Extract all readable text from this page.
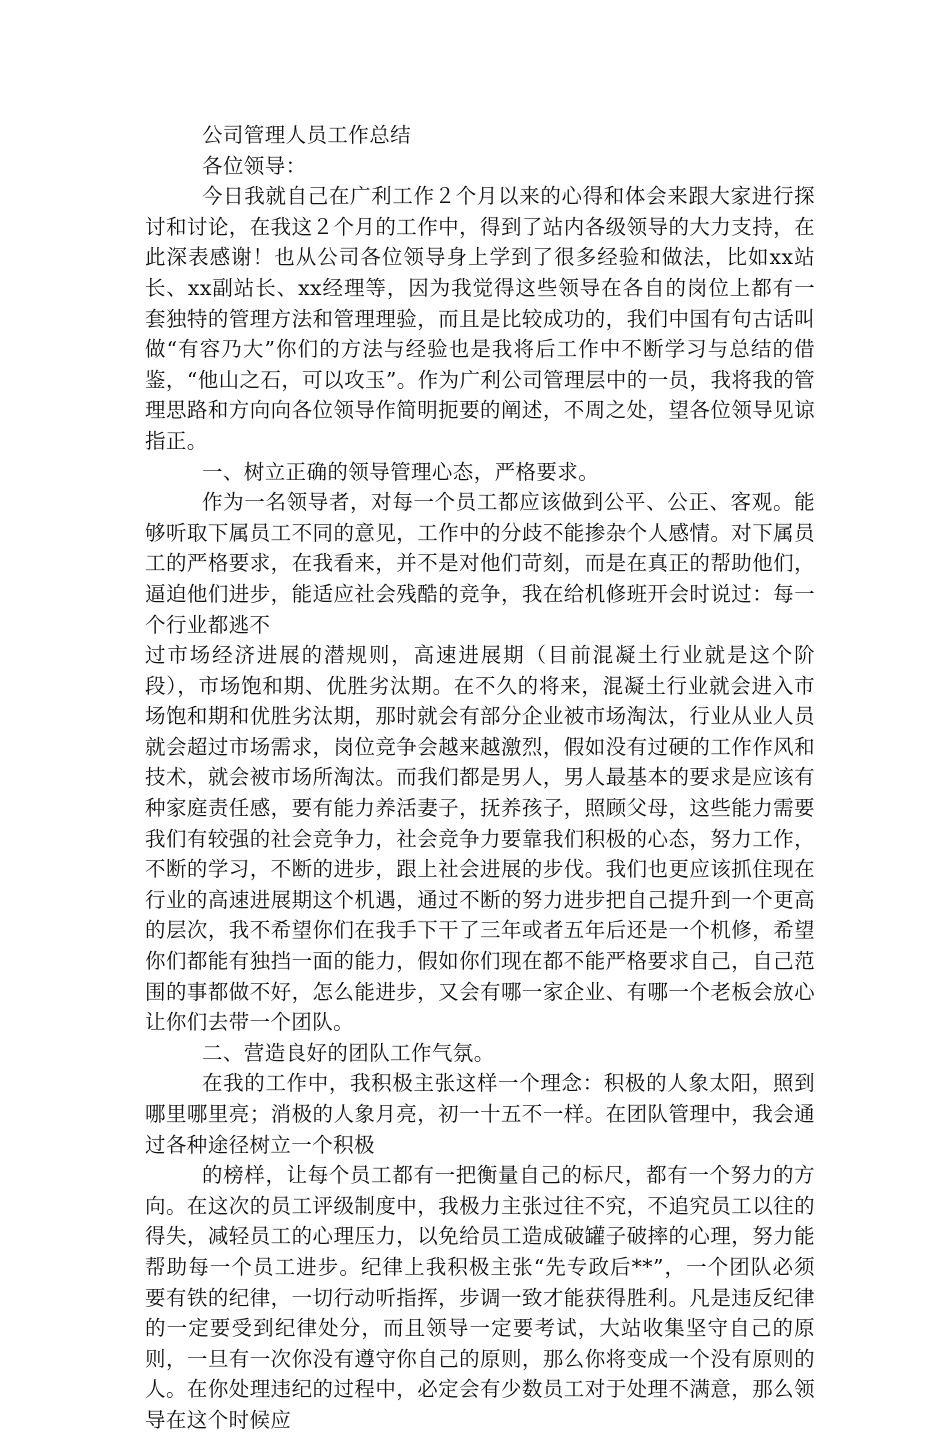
公司管理人员工作总结

各位领导：

今日我就自己在广利工作２个月以来的心得和体会来跟大家进行探讨和讨论，在我这２个月的工作中，得到了站内各级领导的大力支持，在此深表感谢！也从公司各位领导身上学到了很多经验和做法，比如xx站长、xx副站长、xx经理等，因为我觉得这些领导在各自的岗位上都有一套独特的管理方法和管理理验，而且是比较成功的，我们中国有句古话叫做“有容乃大”你们的方法与经验也是我将后工作中不断学习与总结的借鉴，“他山之石，可以攻玉”。作为广利公司管理层中的一员，我将我的管理思路和方向向各位领导作简明扼要的阐述，不周之处，望各位领导见谅指正。

一、树立正确的领导管理心态，严格要求。

作为一名领导者，对每一个员工都应该做到公平、公正、客观。能够听取下属员工不同的意见，工作中的分歧不能掺杂个人感情。对下属员工的严格要求，在我看来，并不是对他们苛刻，而是在真正的帮助他们，逼迫他们进步，能适应社会残酷的竞争，我在给机修班开会时说过：每一个行业都逃不

过市场经济进展的潜规则，高速进展期（目前混凝土行业就是这个阶段），市场饱和期、优胜劣汰期。在不久的将来，混凝土行业就会进入市场饱和期和优胜劣汰期，那时就会有部分企业被市场淘汰，行业从业人员就会超过市场需求，岗位竞争会越来越激烈，假如没有过硬的工作作风和技术，就会被市场所淘汰。而我们都是男人，男人最基本的要求是应该有种家庭责任感，要有能力养活妻子，抚养孩子，照顾父母，这些能力需要我们有较强的社会竞争力，社会竞争力要靠我们积极的心态，努力工作，不断的学习，不断的进步，跟上社会进展的步伐。我们也更应该抓住现在行业的高速进展期这个机遇，通过不断的努力进步把自己提升到一个更高的层次，我不希望你们在我手下干了三年或者五年后还是一个机修，希望你们都能有独挡一面的能力，假如你们现在都不能严格要求自己，自己范围的事都做不好，怎么能进步，又会有哪一家企业、有哪一个老板会放心让你们去带一个团队。

二、营造良好的团队工作气氛。

在我的工作中，我积极主张这样一个理念：积极的人象太阳，照到哪里哪里亮；消极的人象月亮，初一十五不一样。在团队管理中，我会通过各种途径树立一个积极

的榜样，让每个员工都有一把衡量自己的标尺，都有一个努力的方向。在这次的员工评级制度中，我极力主张过往不究，不追究员工以往的得失，减轻员工的心理压力，以免给员工造成破罐子破摔的心理，努力能帮助每一个员工进步。纪律上我积极主张“先专政后**”，一个团队必须要有铁的纪律，一切行动听指挥，步调一致才能获得胜利。凡是违反纪律的一定要受到纪律处分，而且领导一定要考试，大站收集坚守自己的原则，一旦有一次你没有遵守你自己的原则，那么你将变成一个没有原则的人。在你处理违纪的过程中，必定会有少数员工对于处理不满意，那么领导在这个时候应
